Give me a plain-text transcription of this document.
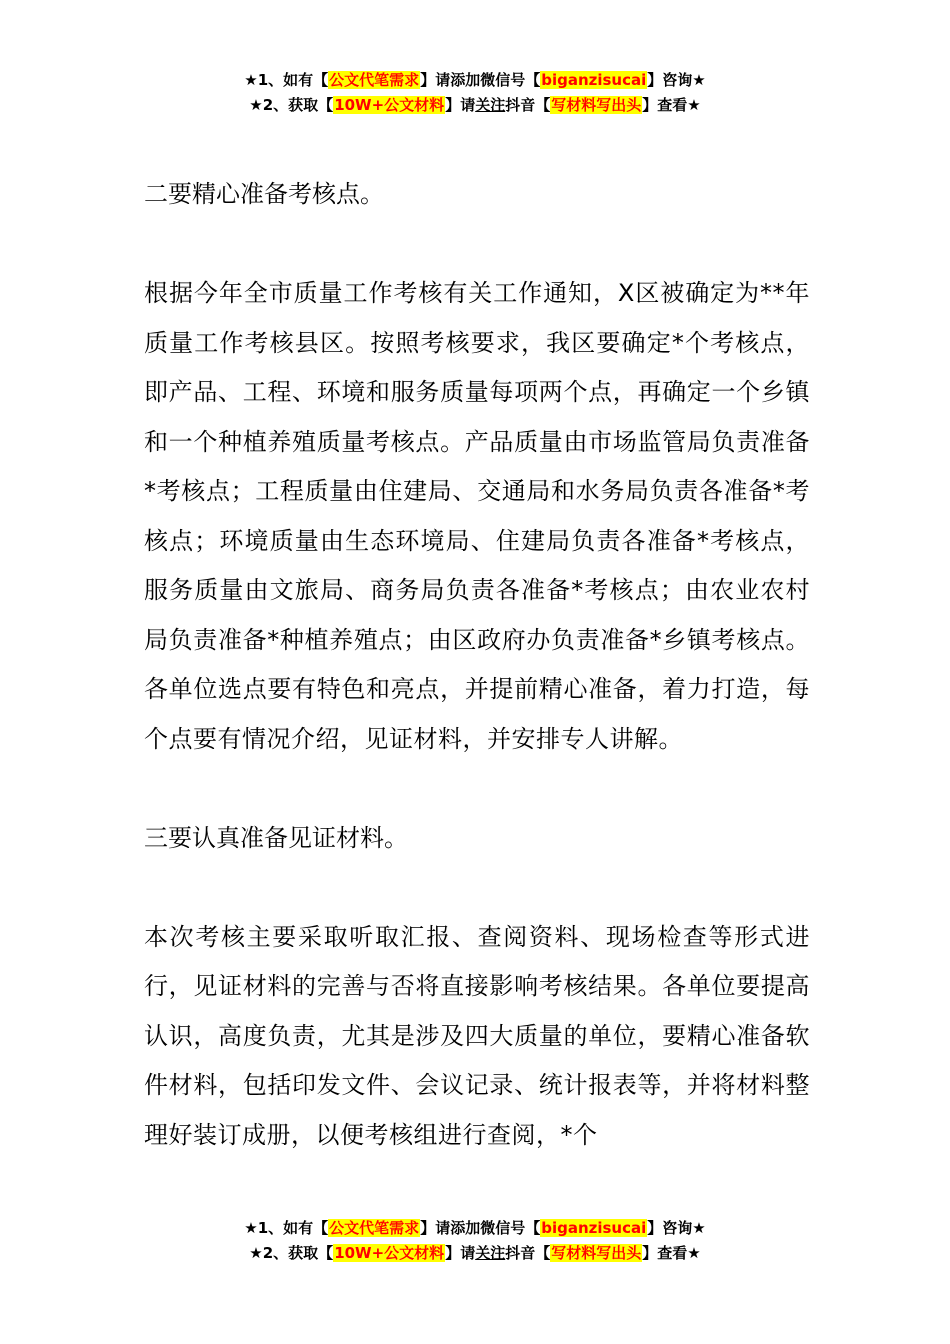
★1、如有【公文代笔需求】请添加微信号【biganzisucai】咨询★
★2、获取【10W+公文材料】请关注抖音【写材料写出头】查看★
二要精心准备考核点。
根据今年全市质量工作考核有关工作通知，X区被确定为**年质量工作考核县区。按照考核要求，我区要确定*个考核点，即产品、工程、环境和服务质量每项两个点，再确定一个乡镇和一个种植养殖质量考核点。产品质量由市场监管局负责准备*考核点；工程质量由住建局、交通局和水务局负责各准备*考核点；环境质量由生态环境局、住建局负责各准备*考核点，服务质量由文旅局、商务局负责各准备*考核点；由农业农村局负责准备*种植养殖点；由区政府办负责准备*乡镇考核点。各单位选点要有特色和亮点，并提前精心准备，着力打造，每个点要有情况介绍，见证材料，并安排专人讲解。
三要认真准备见证材料。
本次考核主要采取听取汇报、查阅资料、现场检查等形式进行，见证材料的完善与否将直接影响考核结果。各单位要提高认识，高度负责，尤其是涉及四大质量的单位，要精心准备软件材料，包括印发文件、会议记录、统计报表等，并将材料整理好装订成册，以便考核组进行查阅，*个
★1、如有【公文代笔需求】请添加微信号【biganzisucai】咨询★
★2、获取【10W+公文材料】请关注抖音【写材料写出头】查看★
